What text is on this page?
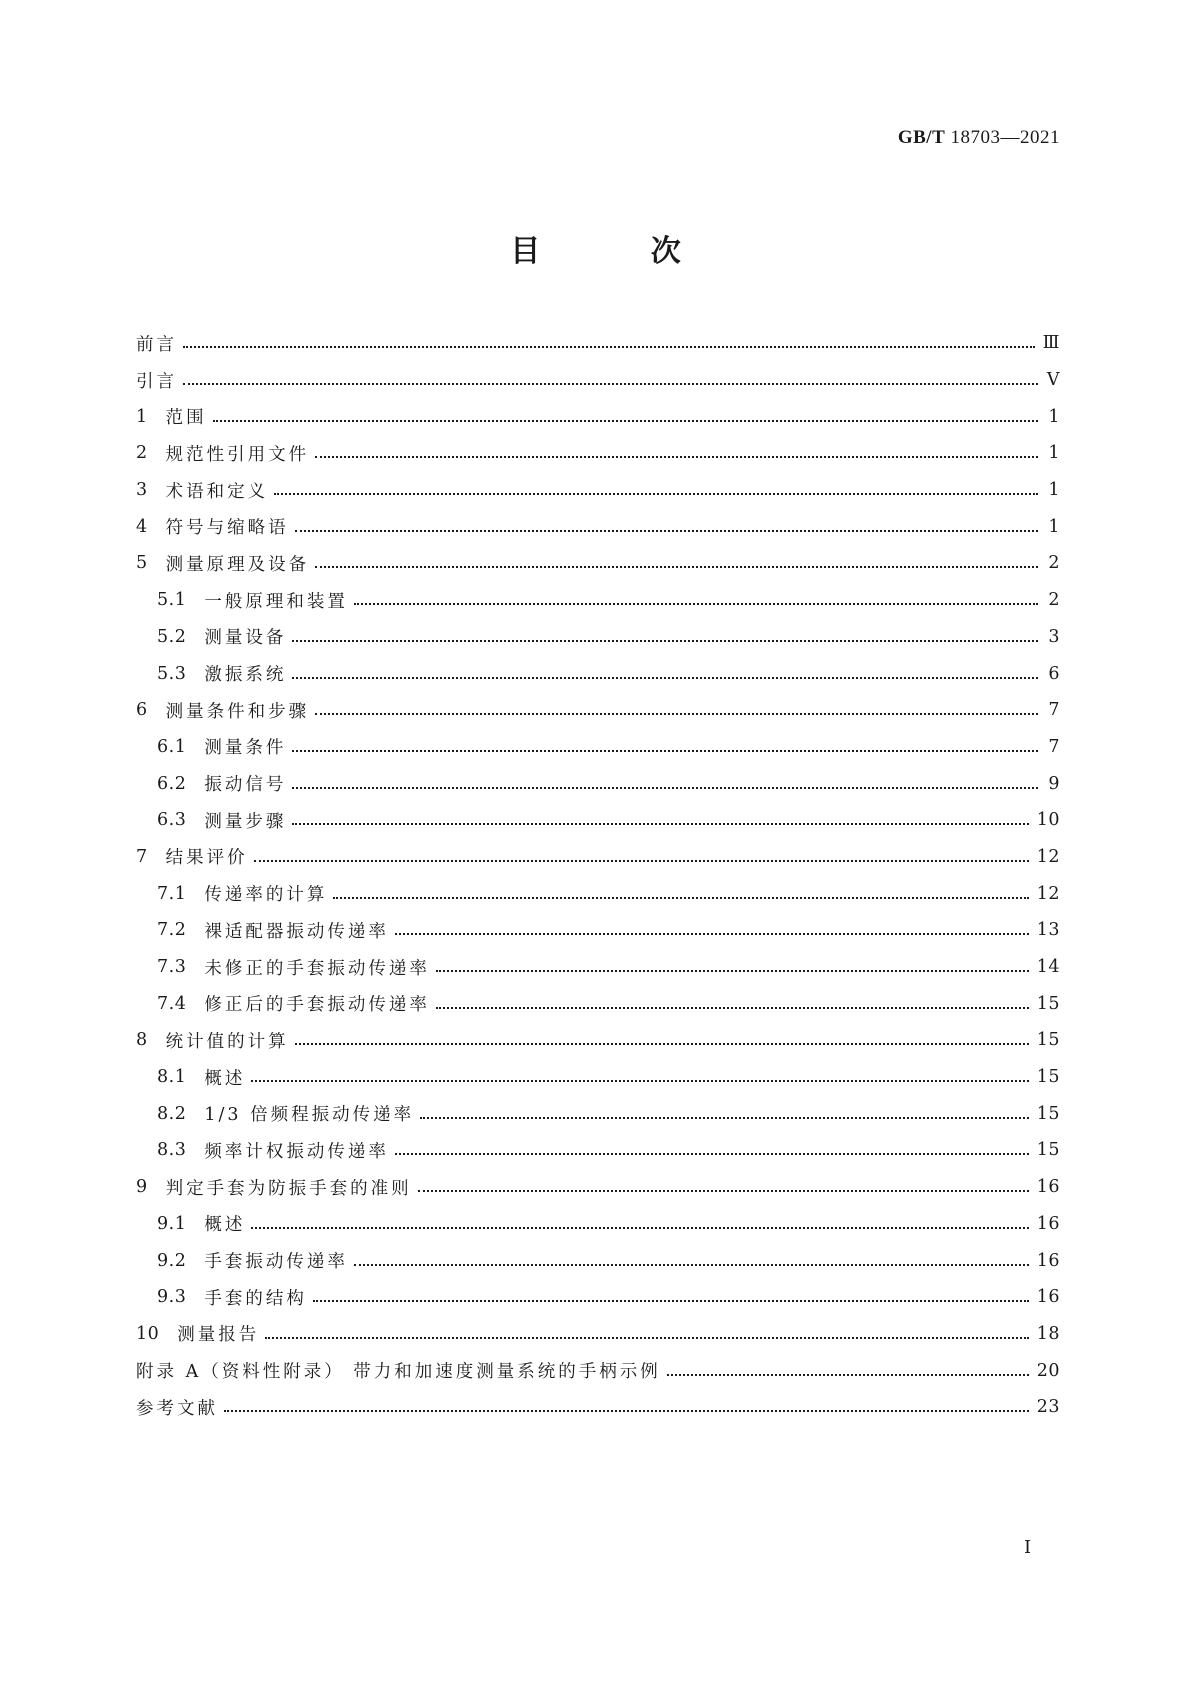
GB/T 18703—2021
目 次
前言	Ⅲ
引言	Ⅴ
1 范围	1
2 规范性引用文件	1
3 术语和定义	1
4 符号与缩略语	1
5 测量原理及设备	2
5.1 一般原理和装置	2
5.2 测量设备	3
5.3 激振系统	6
6 测量条件和步骤	7
6.1 测量条件	7
6.2 振动信号	9
6.3 测量步骤	10
7 结果评价	12
7.1 传递率的计算	12
7.2 裸适配器振动传递率	13
7.3 未修正的手套振动传递率	14
7.4 修正后的手套振动传递率	15
8 统计值的计算	15
8.1 概述	15
8.2 1/3 倍频程振动传递率	15
8.3 频率计权振动传递率	15
9 判定手套为防振手套的准则	16
9.1 概述	16
9.2 手套振动传递率	16
9.3 手套的结构	16
10 测量报告	18
附录 A（资料性附录） 带力和加速度测量系统的手柄示例	20
参考文献	23
I
